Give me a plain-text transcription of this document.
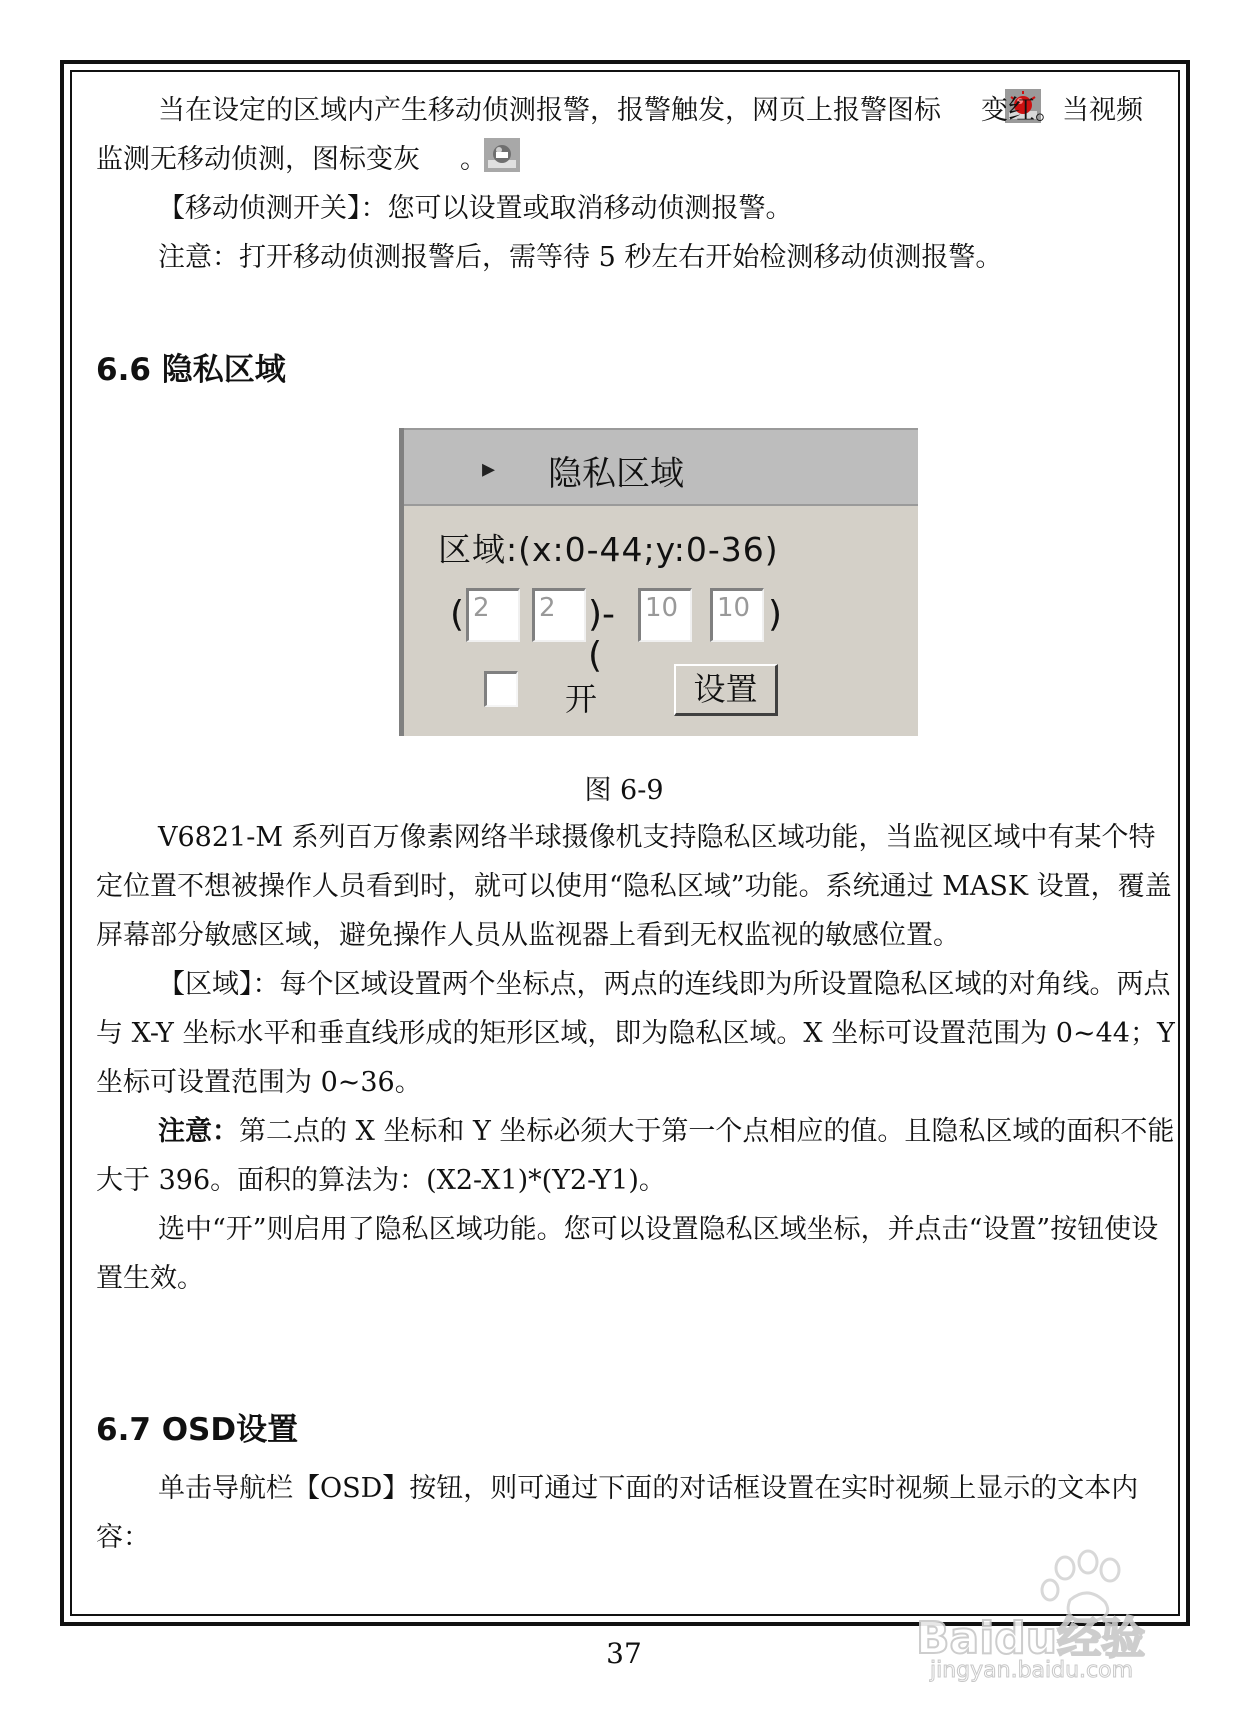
当在设定的区域内产生移动侦测报警，报警触发，网页上报警图标 变红。当视频监测无移动侦测，图标变灰 。

【移动侦测开关】：您可以设置或取消移动侦测报警。

注意：打开移动侦测报警后，需等待 5 秒左右开始检测移动侦测报警。

6.6 隐私区域
▸ 隐私区域
区域:(x:0-44;y:0-36)
( 2	2 )-(
10	10 )
开	设置
图 6-9

V6821-M 系列百万像素网络半球摄像机支持隐私区域功能，当监视区域中有某个特定位置不想被操作人员看到时，就可以使用“隐私区域”功能。系统通过 MASK 设置，覆盖屏幕部分敏感区域，避免操作人员从监视器上看到无权监视的敏感位置。

【区域】：每个区域设置两个坐标点，两点的连线即为所设置隐私区域的对角线。两点与 X-Y 坐标水平和垂直线形成的矩形区域，即为隐私区域。X 坐标可设置范围为 0~44；Y 坐标可设置范围为 0~36。

注意：第二点的 X 坐标和 Y 坐标必须大于第一个点相应的值。且隐私区域的面积不能大于 396。面积的算法为：(X2-X1)*(Y2-Y1)。

选中“开”则启用了隐私区域功能。您可以设置隐私区域坐标，并点击“设置”按钮使设置生效。

6.7 OSD设置

单击导航栏【OSD】按钮，则可通过下面的对话框设置在实时视频上显示的文本内容：

37	Baidu经验
jingyan.baidu.com
